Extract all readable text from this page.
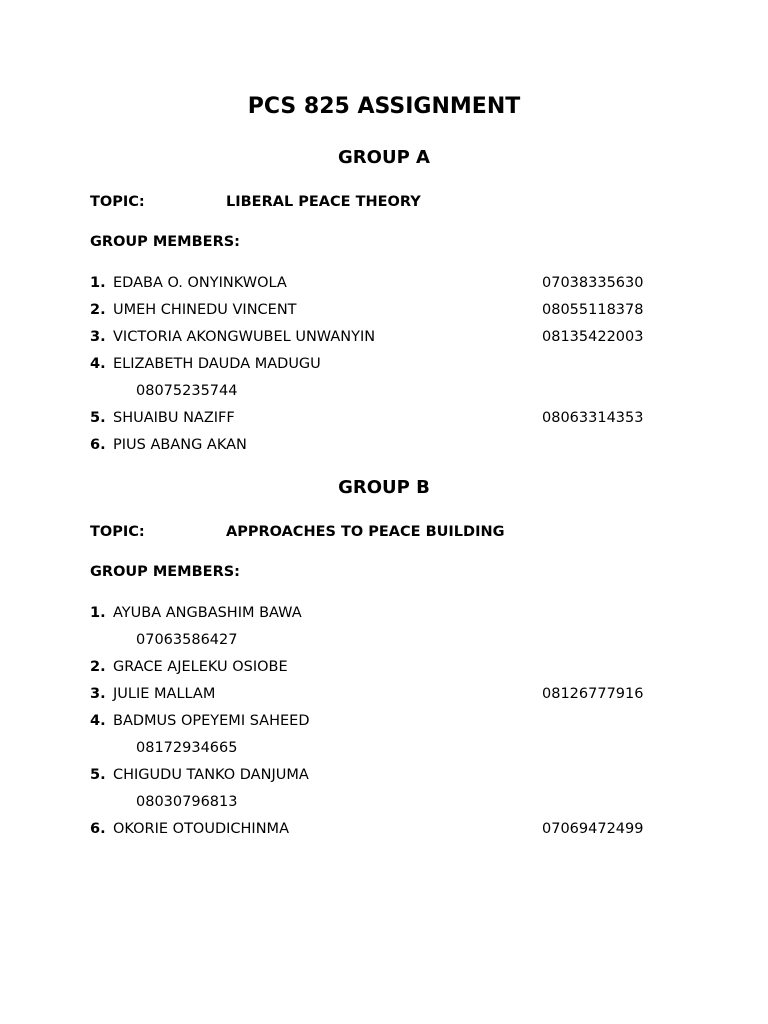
PCS 825 ASSIGNMENT
GROUP A
TOPIC:	LIBERAL PEACE THEORY
GROUP MEMBERS:
1. EDABA O. ONYINKWOLA	07038335630
2. UMEH CHINEDU VINCENT	08055118378
3. VICTORIA AKONGWUBEL UNWANYIN	08135422003
4. ELIZABETH DAUDA MADUGU
08075235744
5. SHUAIBU NAZIFF	08063314353
6. PIUS ABANG AKAN
GROUP B
TOPIC:	APPROACHES TO PEACE BUILDING
GROUP MEMBERS:
1. AYUBA ANGBASHIM BAWA
07063586427
2. GRACE AJELEKU OSIOBE
3. JULIE MALLAM	08126777916
4. BADMUS OPEYEMI SAHEED
08172934665
5. CHIGUDU TANKO DANJUMA
08030796813
6. OKORIE OTOUDICHINMA	07069472499
